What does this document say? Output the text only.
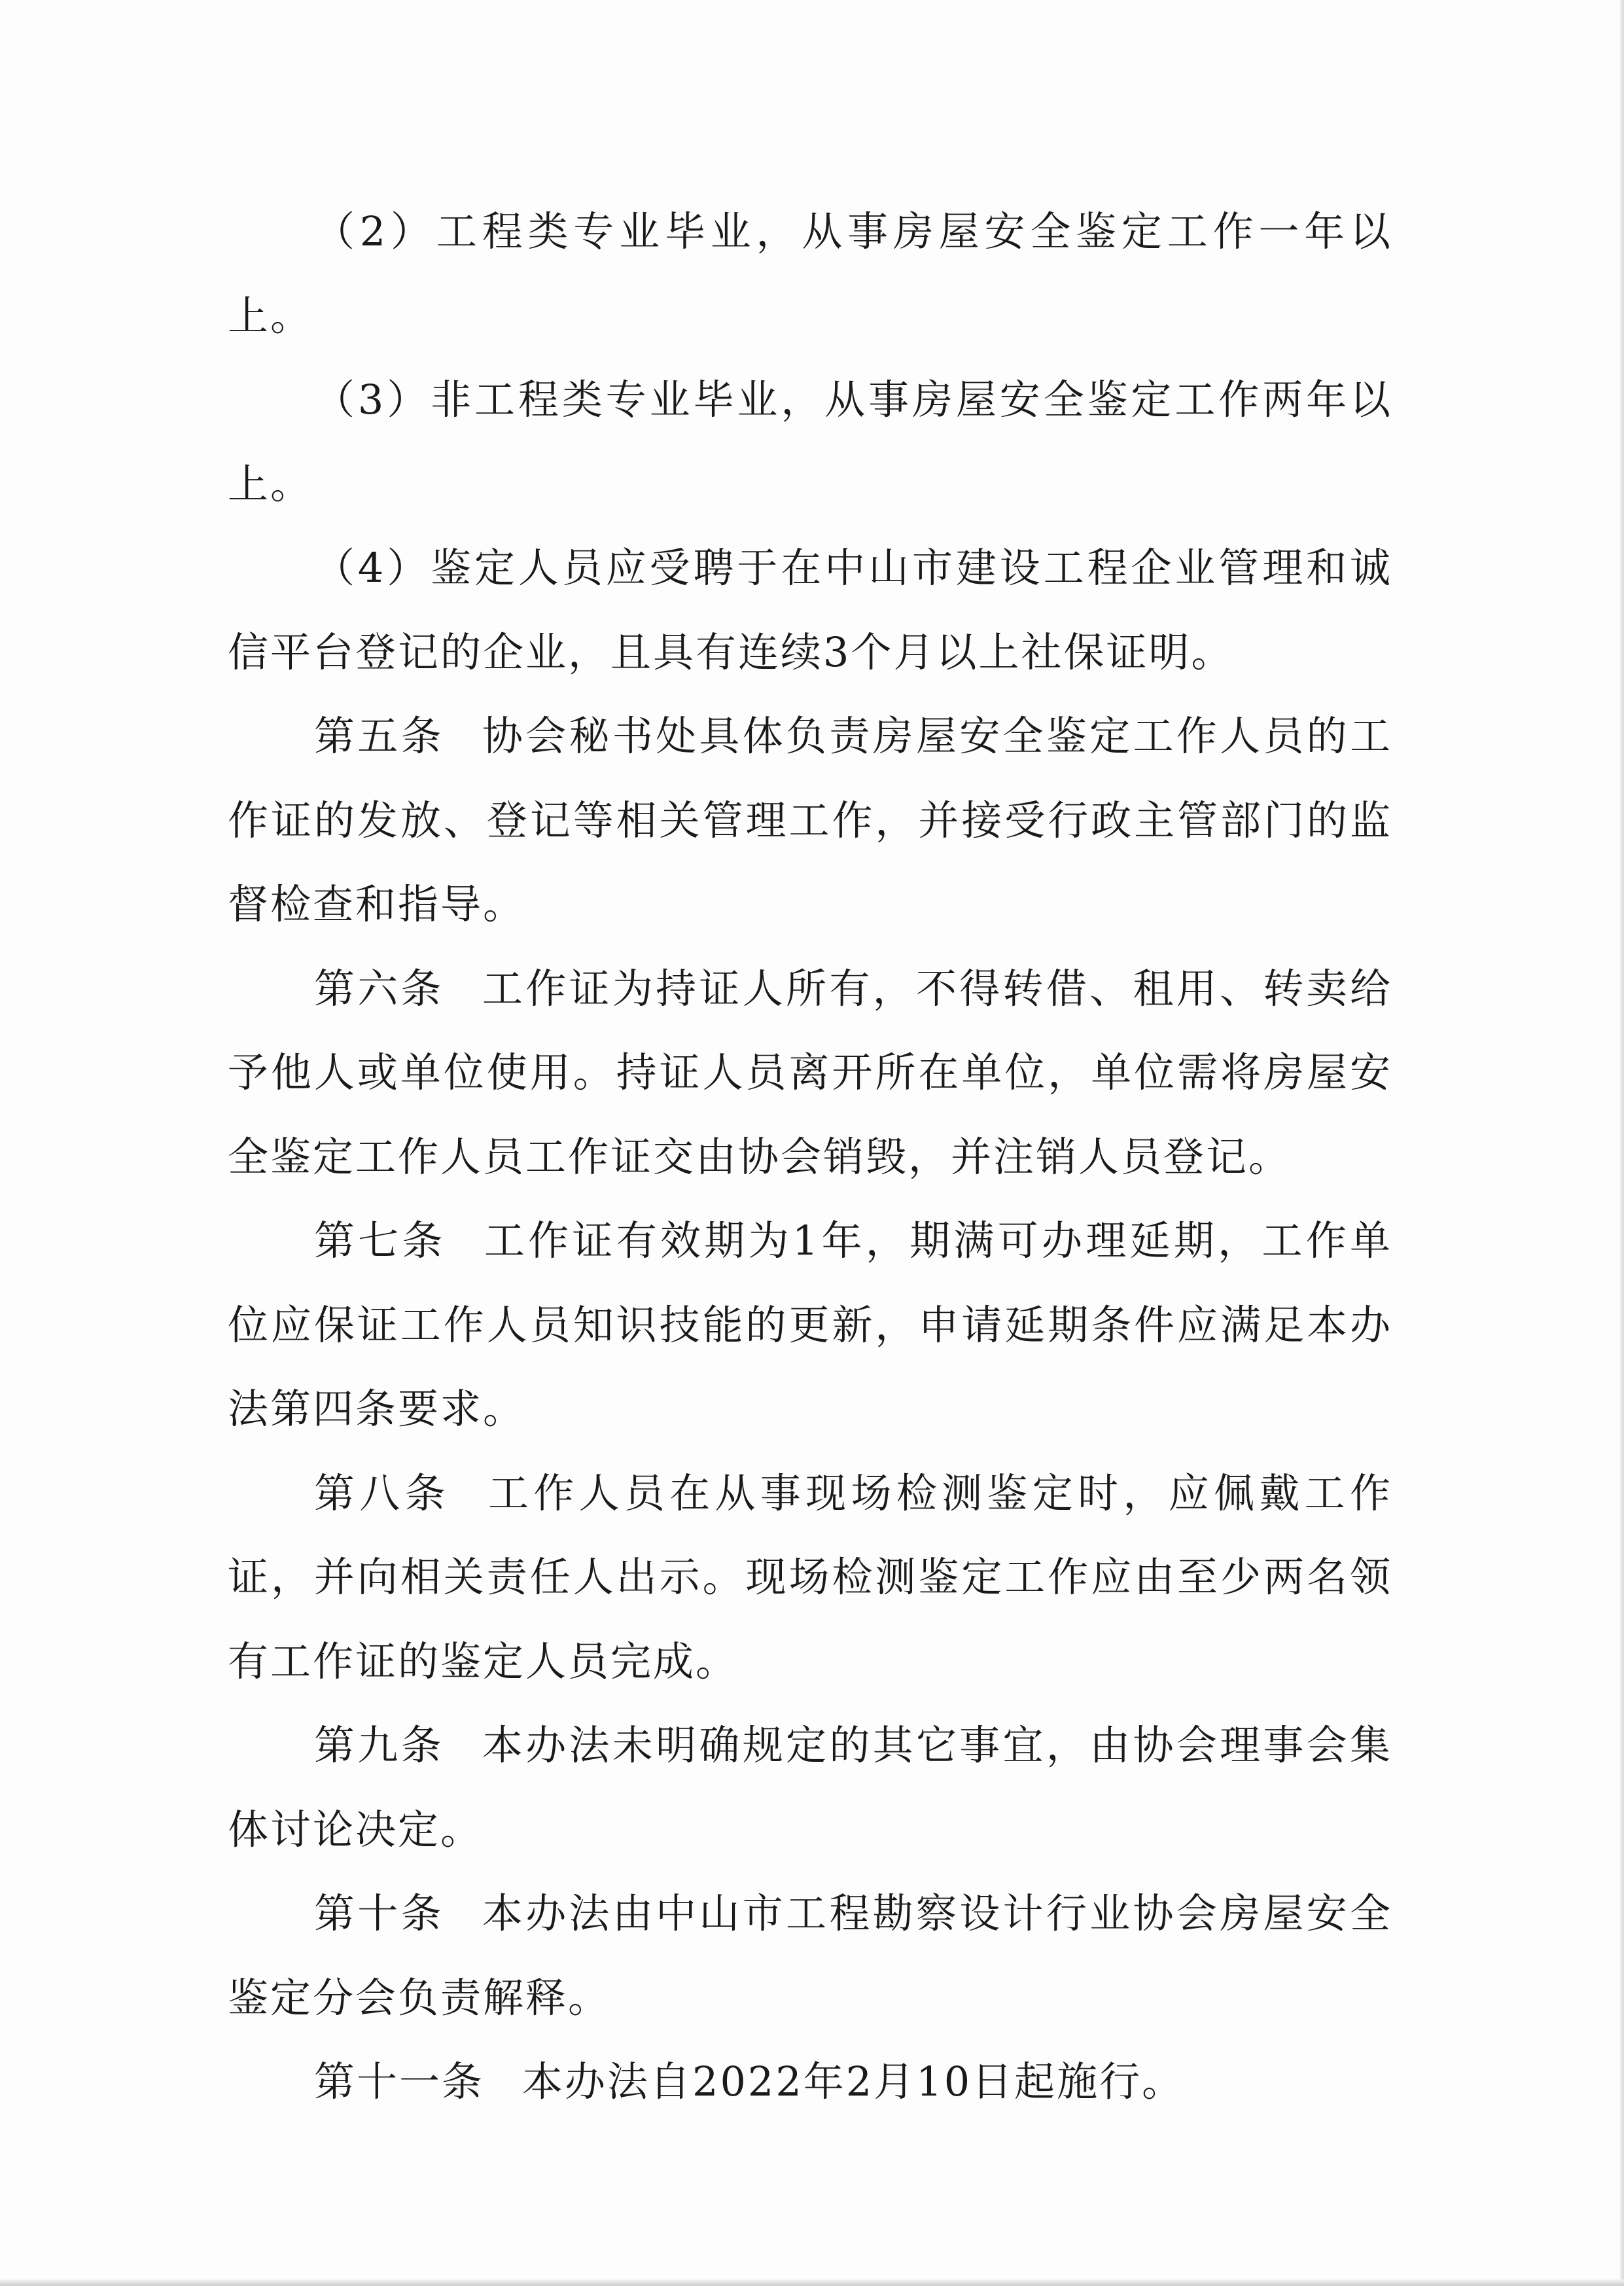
（2）工程类专业毕业，从事房屋安全鉴定工作一年以上。

（3）非工程类专业毕业，从事房屋安全鉴定工作两年以上。

（4）鉴定人员应受聘于在中山市建设工程企业管理和诚信平台登记的企业，且具有连续3个月以上社保证明。

第五条 协会秘书处具体负责房屋安全鉴定工作人员的工作证的发放、登记等相关管理工作，并接受行政主管部门的监督检查和指导。

第六条 工作证为持证人所有，不得转借、租用、转卖给予他人或单位使用。持证人员离开所在单位，单位需将房屋安全鉴定工作人员工作证交由协会销毁，并注销人员登记。

第七条 工作证有效期为1年，期满可办理延期，工作单位应保证工作人员知识技能的更新，申请延期条件应满足本办法第四条要求。

第八条 工作人员在从事现场检测鉴定时，应佩戴工作证，并向相关责任人出示。现场检测鉴定工作应由至少两名领有工作证的鉴定人员完成。

第九条 本办法未明确规定的其它事宜，由协会理事会集体讨论决定。

第十条 本办法由中山市工程勘察设计行业协会房屋安全鉴定分会负责解释。

第十一条 本办法自2022年2月10日起施行。
